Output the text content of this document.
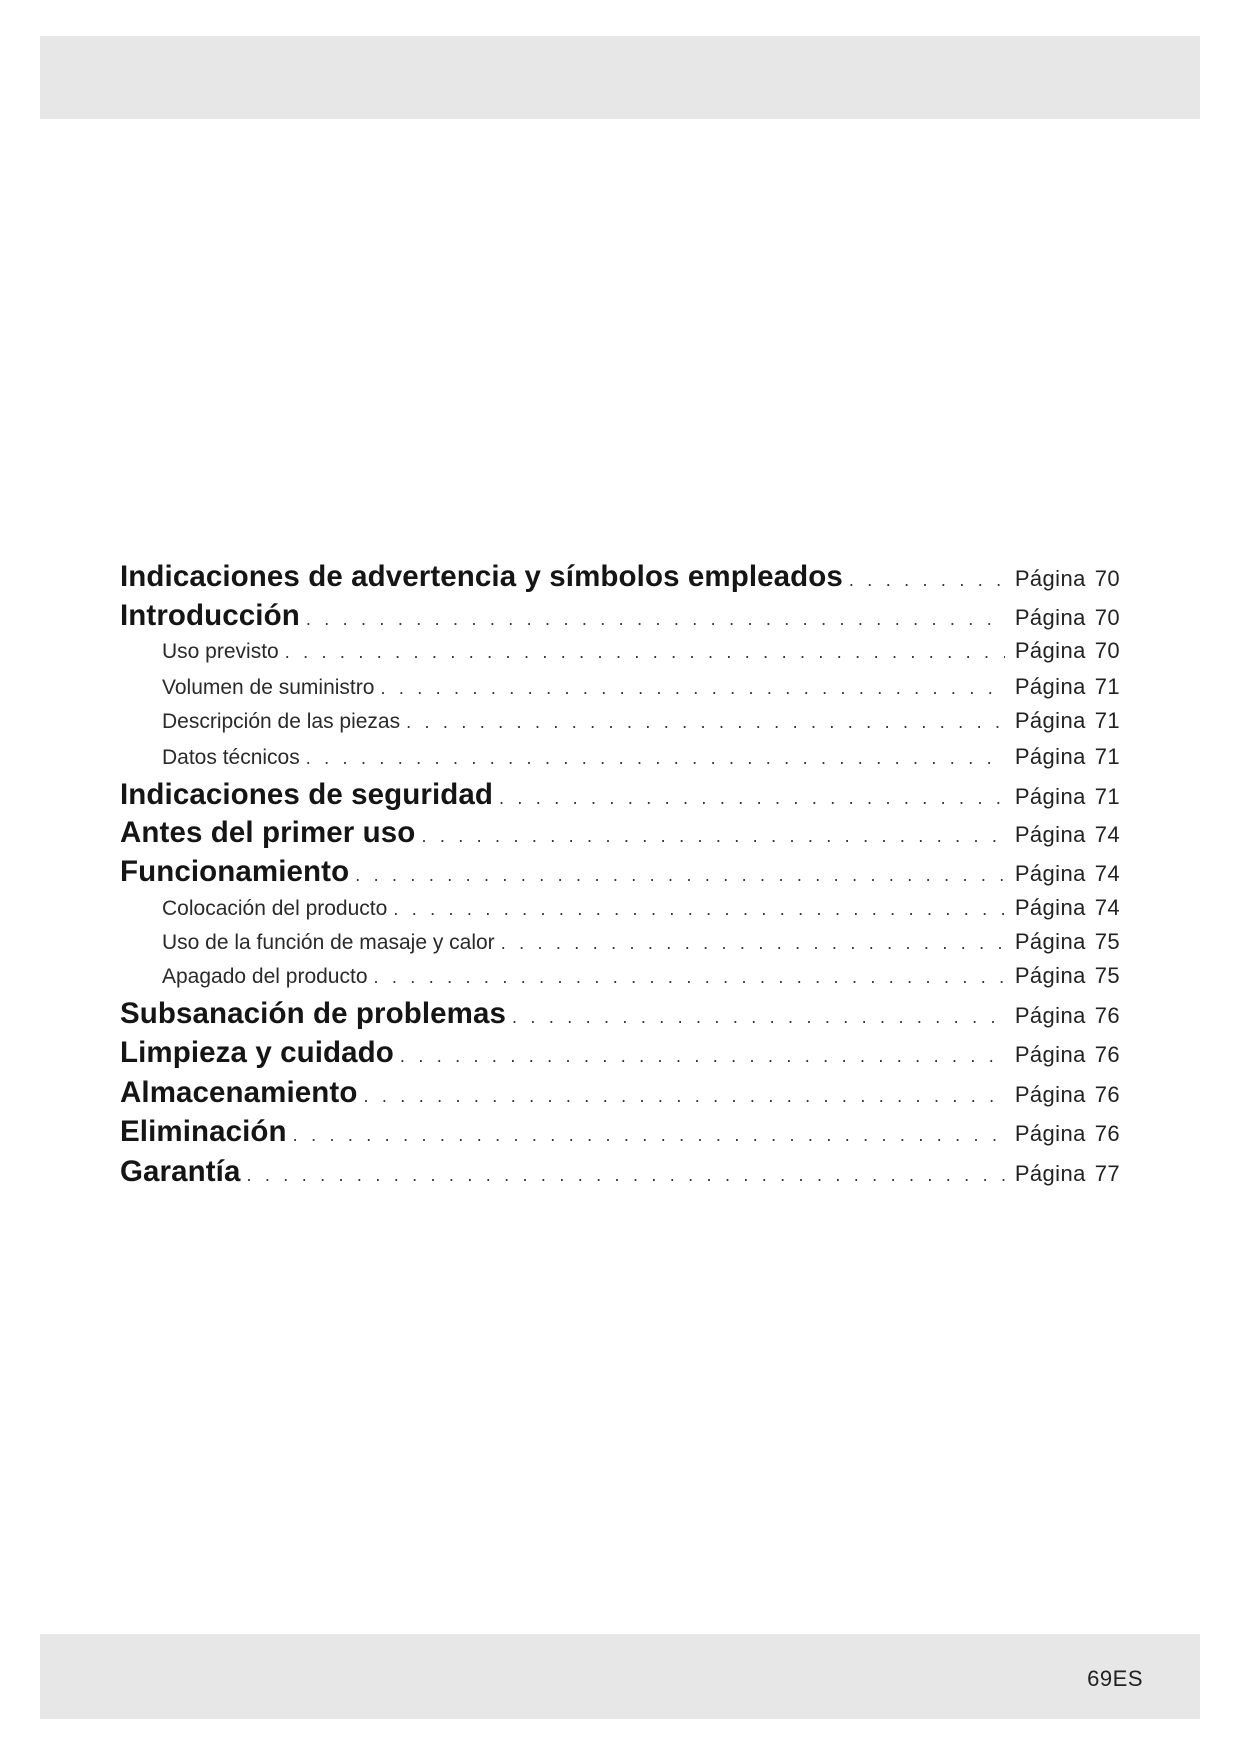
Indicaciones de advertencia y símbolos empleados . . .	Página 70
Introducción . . .	Página 70
Uso previsto . . .	Página 70
Volumen de suministro . . .	Página 71
Descripción de las piezas . . .	Página 71
Datos técnicos . . .	Página 71
Indicaciones de seguridad . . .	Página 71
Antes del primer uso . . .	Página 74
Funcionamiento . . .	Página 74
Colocación del producto . . .	Página 74
Uso de la función de masaje y calor . . .	Página 75
Apagado del producto . . .	Página 75
Subsanación de problemas . . .	Página 76
Limpieza y cuidado . . .	Página 76
Almacenamiento . . .	Página 76
Eliminación . . .	Página 76
Garantía . . .	Página 77
69ES
